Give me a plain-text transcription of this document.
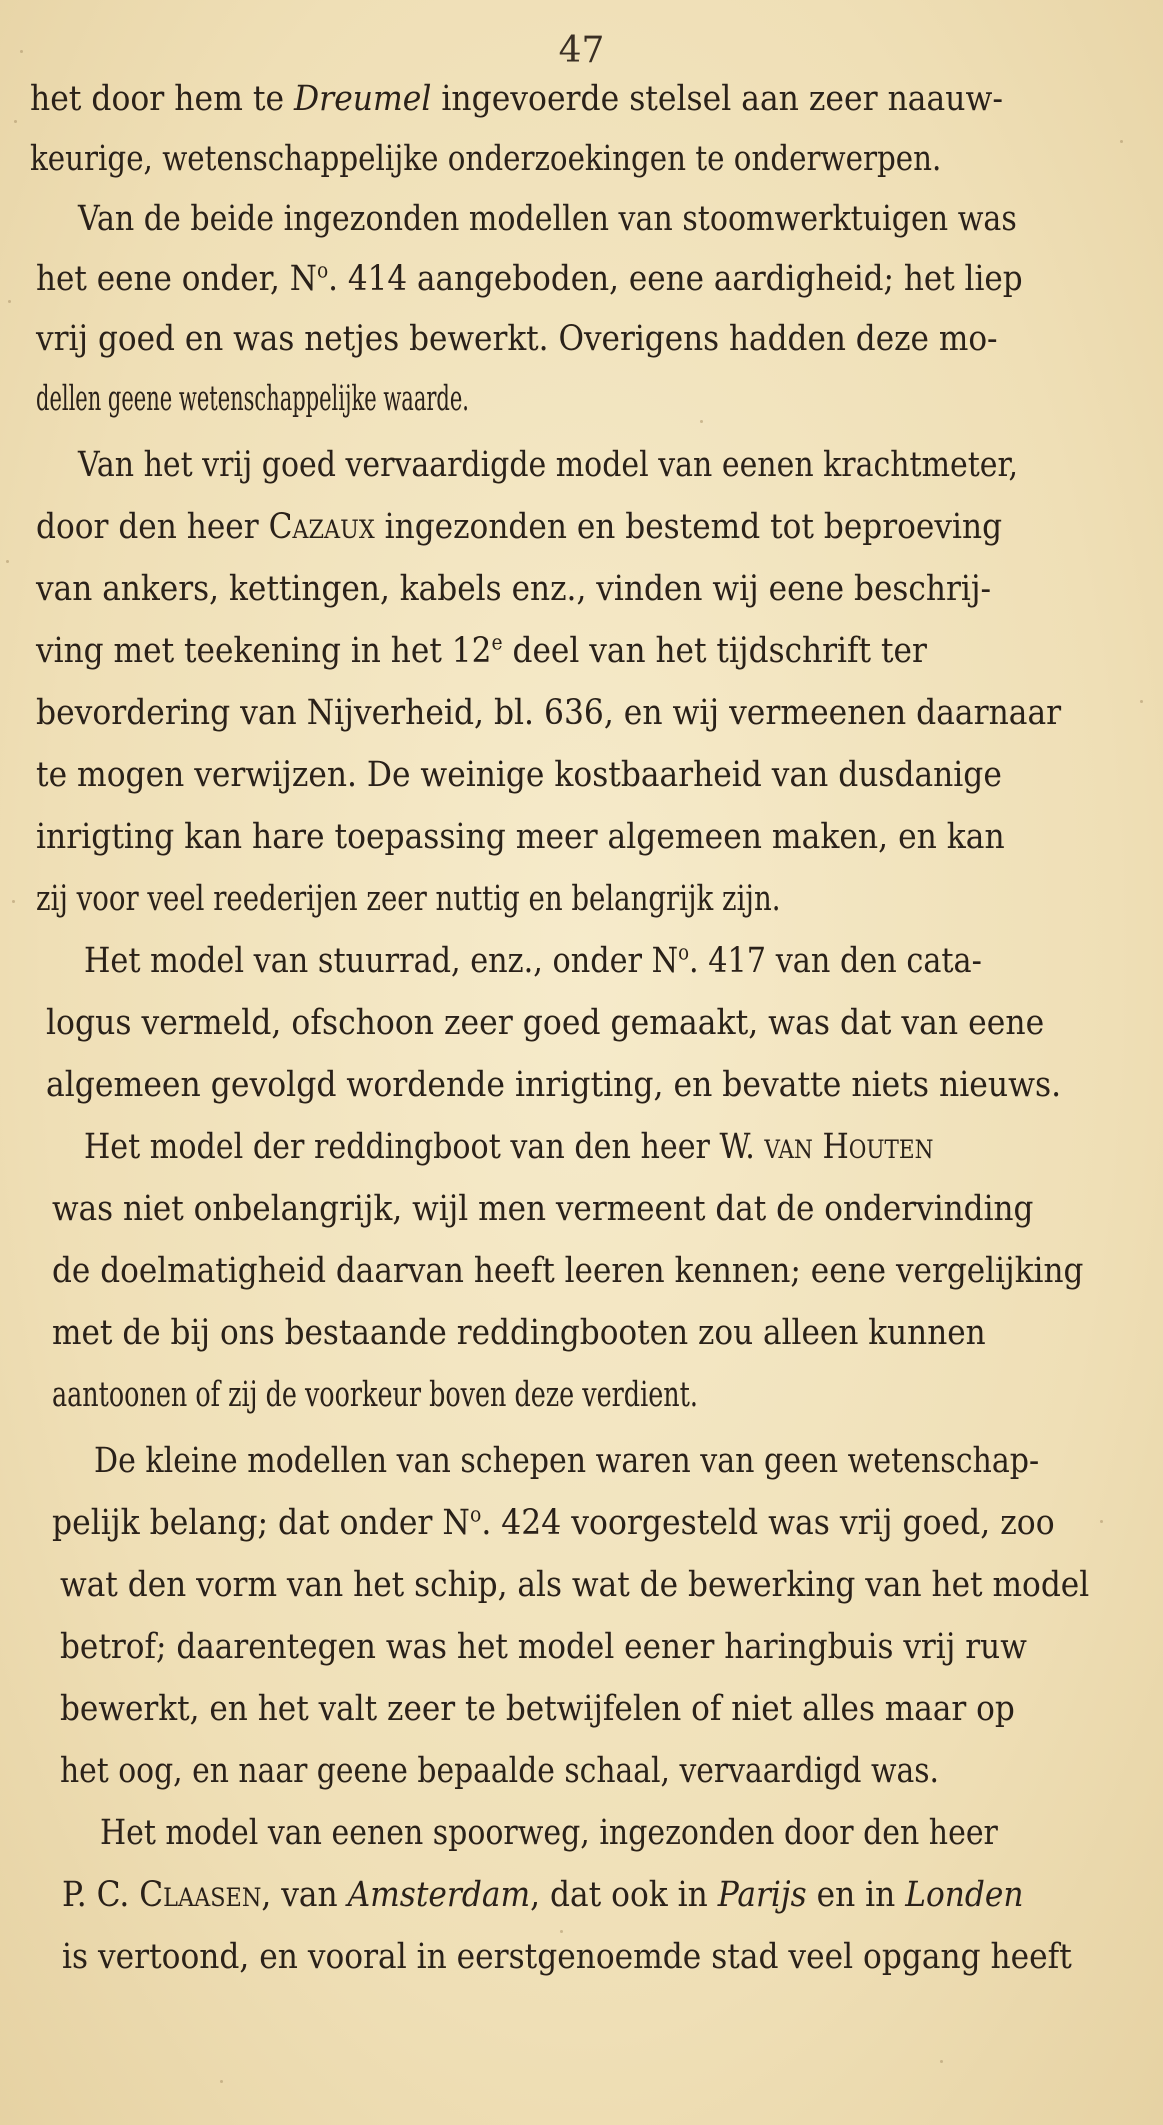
47
het door hem te Dreumel ingevoerde stelsel aan zeer naauw-
keurige, wetenschappelijke onderzoekingen te onderwerpen.
Van de beide ingezonden modellen van stoomwerktuigen was
het eene onder, $N^o$. 414 aangeboden, eene aardigheid; het liep
vrij goed en was netjes bewerkt. Overigens hadden deze mo-
dellen geene wetenschappelijke waarde.
Van het vrij goed vervaardigde model van eenen krachtmeter,
door den heer Cazaux ingezonden en bestemd tot beproeving
van ankers, kettingen, kabels enz., vinden wij eene beschrij-
ving met teekening in het 12e deel van het tijdschrift ter
bevordering van Nijverheid, bl. 636, en wij vermeenen daarnaar
te mogen verwijzen. De weinige kostbaarheid van dusdanige
inrigting kan hare toepassing meer algemeen maken, en kan
zij voor veel reederijen zeer nuttig en belangrijk zijn.
Het model van stuurrad, enz., onder $N^o$. 417 van den cata-
logus vermeld, ofschoon zeer goed gemaakt, was dat van eene
algemeen gevolgd wordende inrigting, en bevatte niets nieuws.
Het model der reddingboot van den heer W. van Houten
was niet onbelangrijk, wijl men vermeent dat de ondervinding
de doelmatigheid daarvan heeft leeren kennen; eene vergelijking
met de bij ons bestaande reddingbooten zou alleen kunnen
aantoonen of zij de voorkeur boven deze verdient.
De kleine modellen van schepen waren van geen wetenschap-
pelijk belang; dat onder $N^o$. 424 voorgesteld was vrij goed, zoo
wat den vorm van het schip, als wat de bewerking van het model
betrof; daarentegen was het model eener haringbuis vrij ruw
bewerkt, en het valt zeer te betwijfelen of niet alles maar op
het oog, en naar geene bepaalde schaal, vervaardigd was.
Het model van eenen spoorweg, ingezonden door den heer
P. C. Claasen, van Amsterdam, dat ook in Parijs en in Londen
is vertoond, en vooral in eerstgenoemde stad veel opgang heeft
